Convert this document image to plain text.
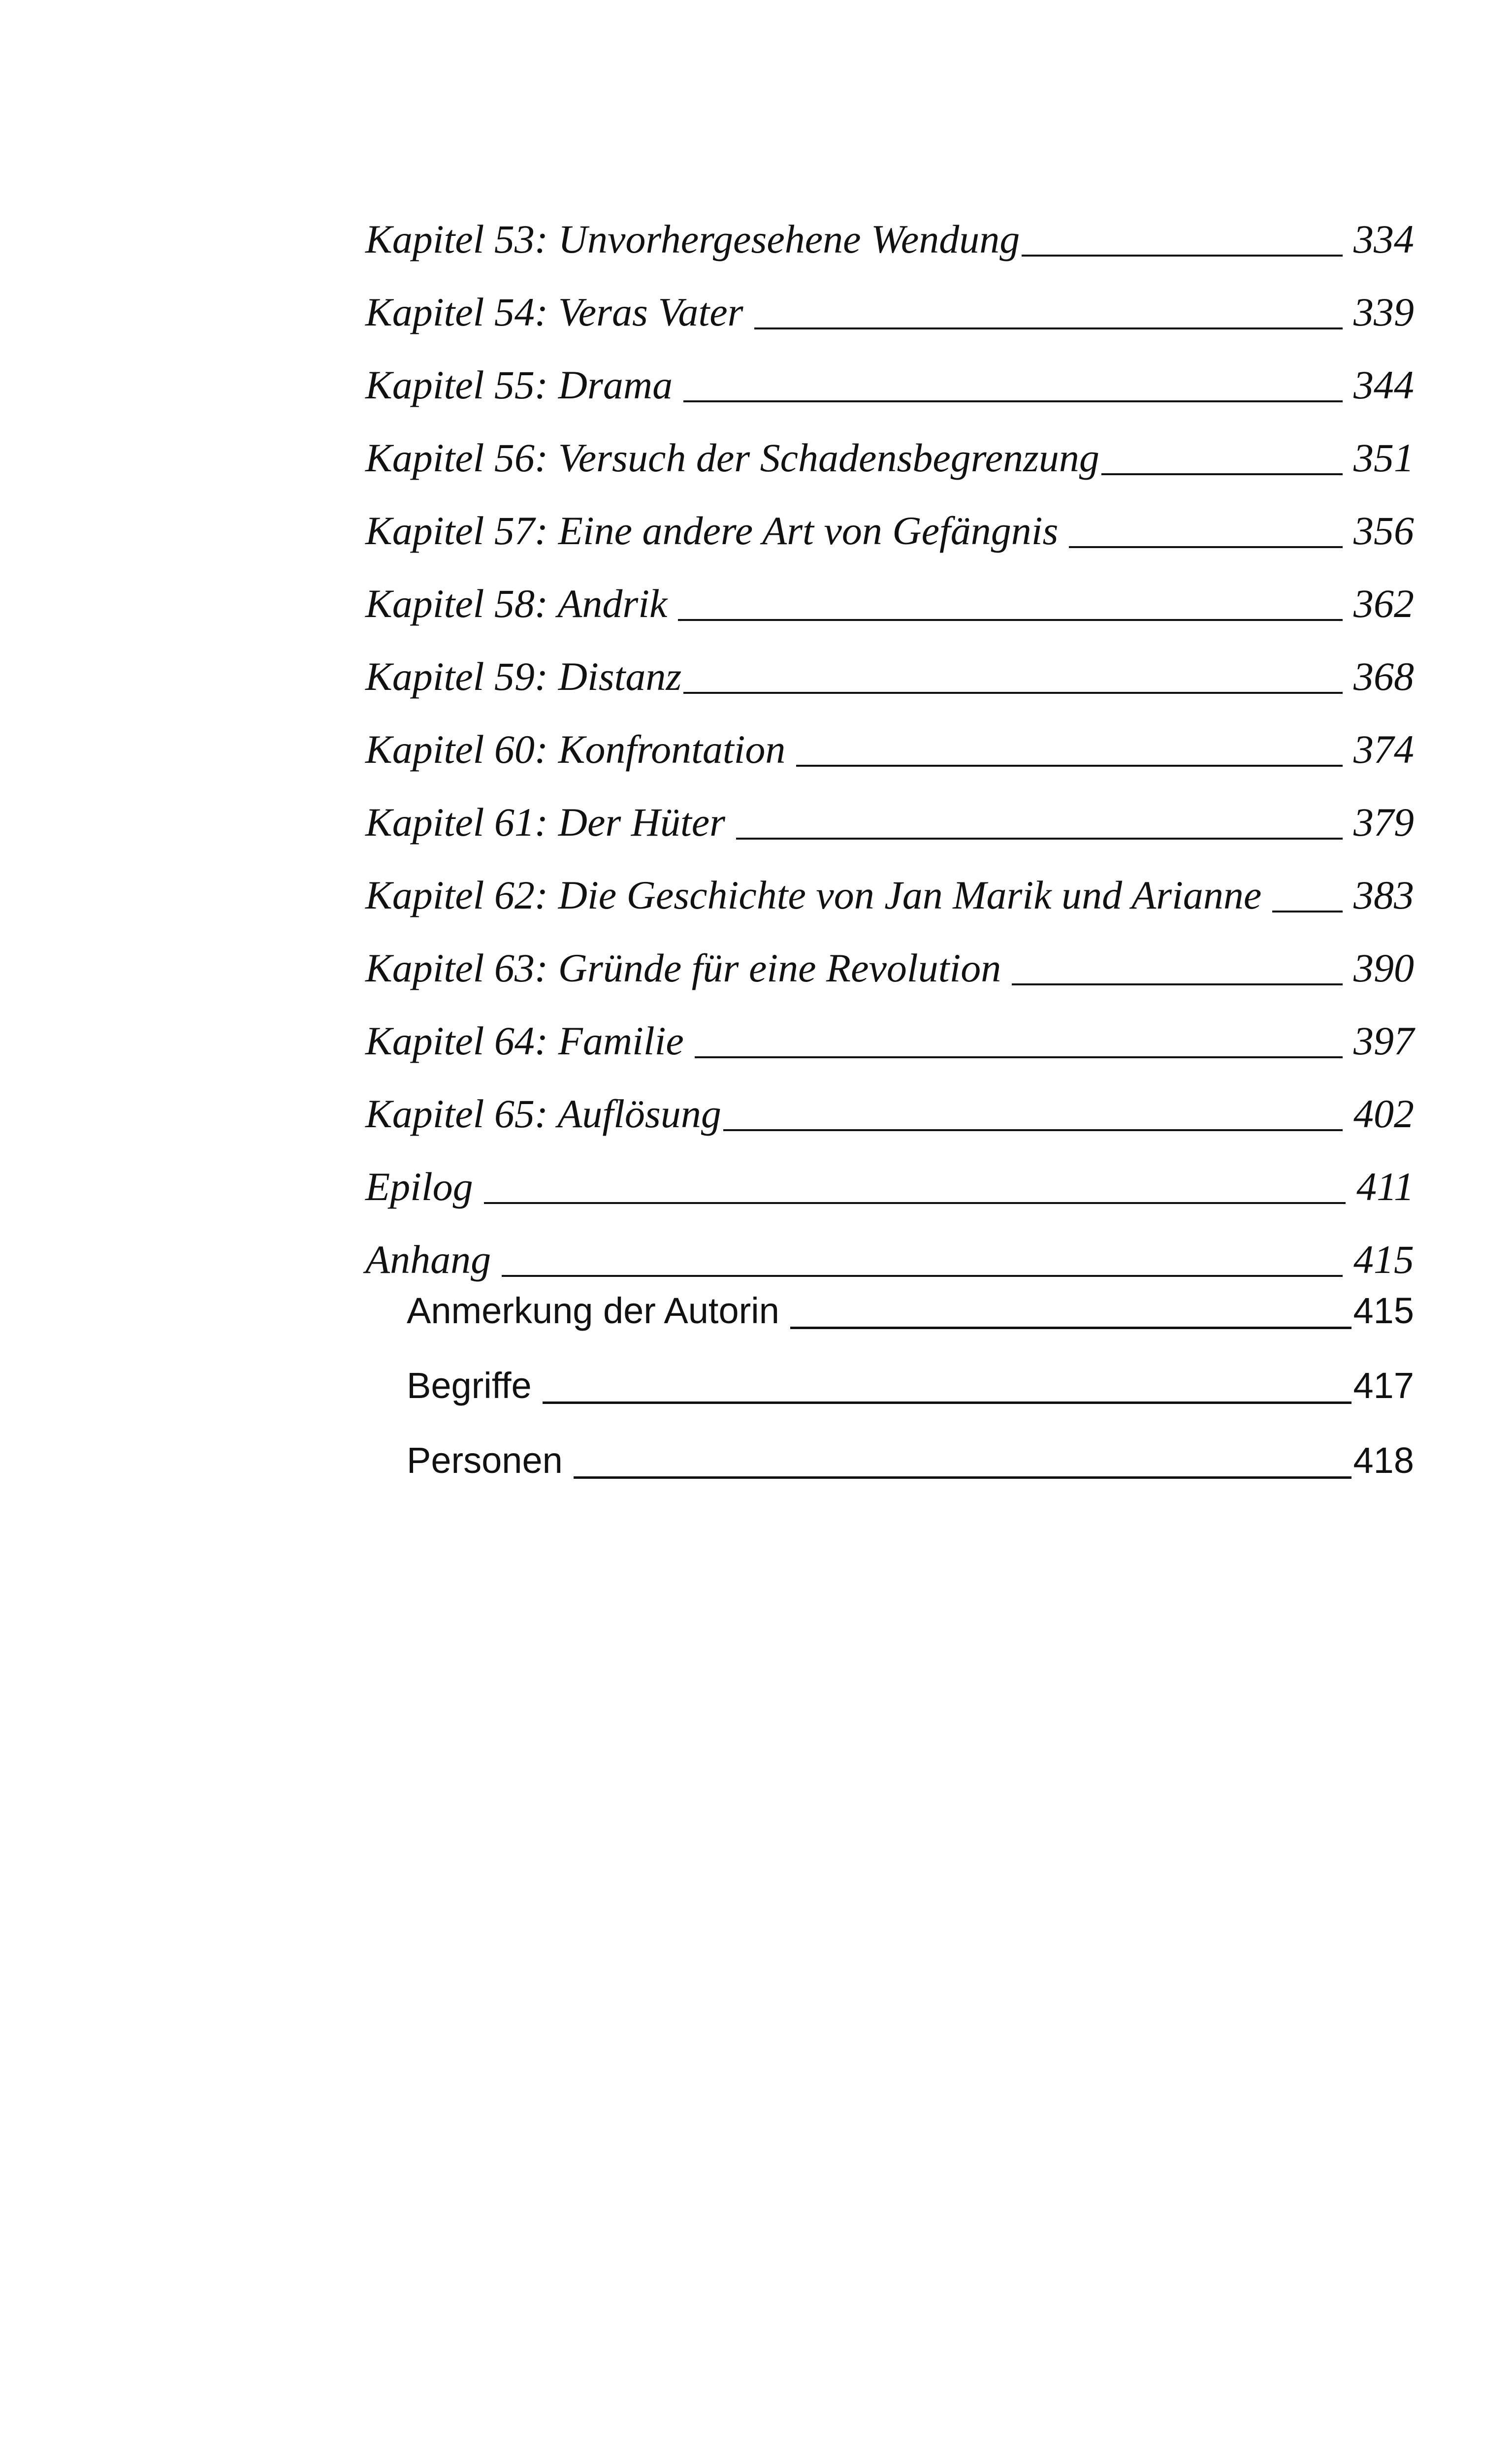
Kapitel 53: Unvorhergesehene Wendung	334
Kapitel 54: Veras Vater	339
Kapitel 55: Drama	344
Kapitel 56: Versuch der Schadensbegrenzung	351
Kapitel 57: Eine andere Art von Gefängnis	356
Kapitel 58: Andrik	362
Kapitel 59: Distanz	368
Kapitel 60: Konfrontation	374
Kapitel 61: Der Hüter	379
Kapitel 62: Die Geschichte von Jan Marik und Arianne 383
Kapitel 63: Gründe für eine Revolution	390
Kapitel 64: Familie	397
Kapitel 65: Auflösung	402
Epilog	411
Anhang	415
Anmerkung der Autorin	415
Begriffe	417
Personen	418
